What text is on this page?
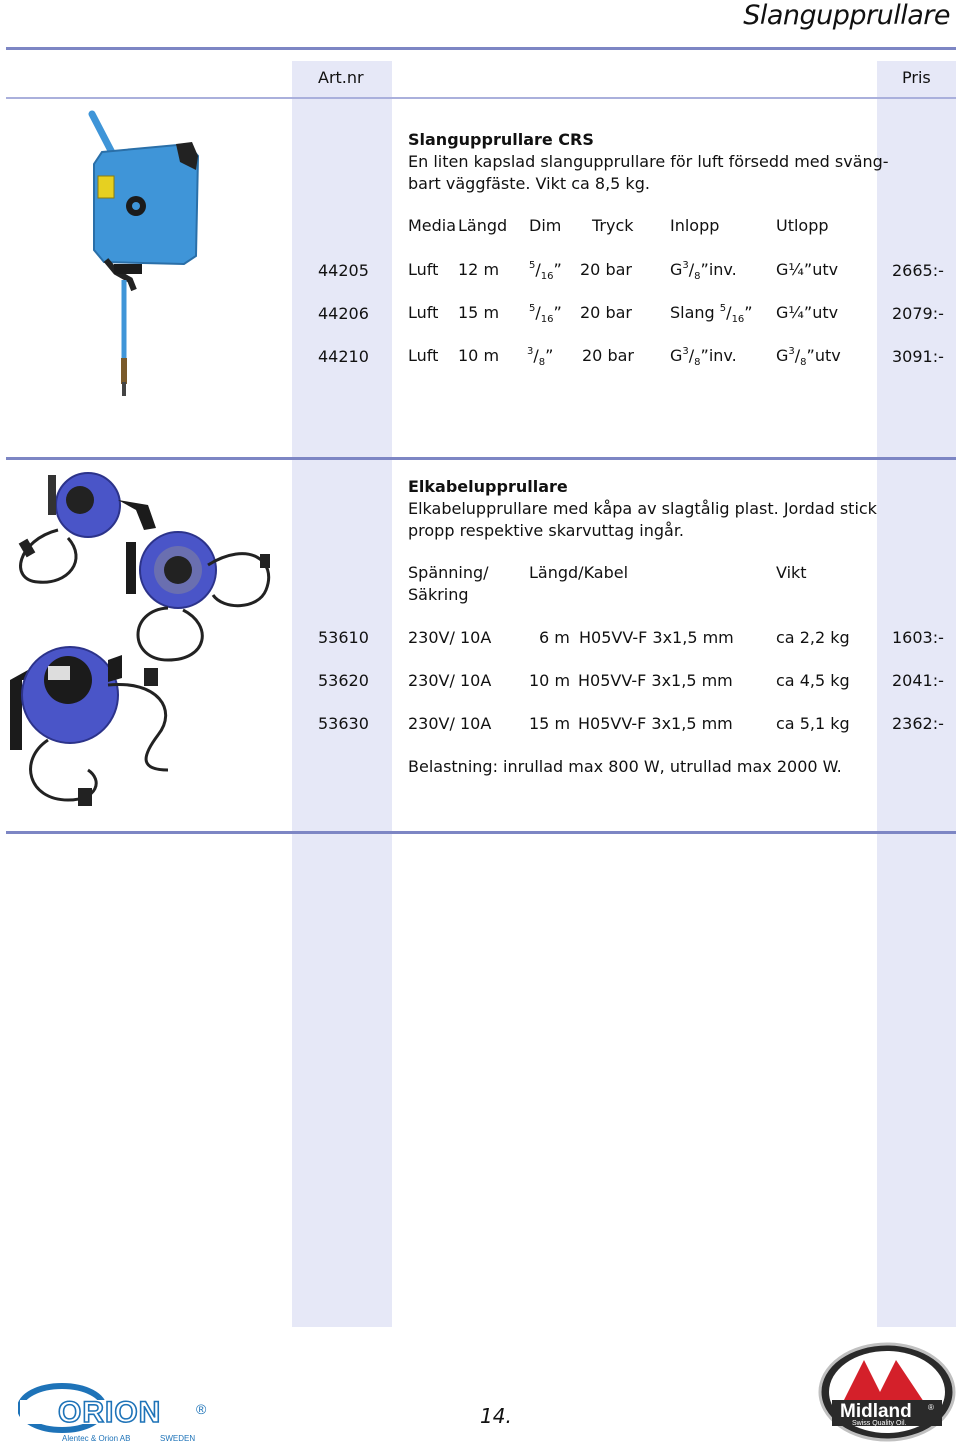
Slangupprullare
Art.nr	Pris
Slangupprullare CRS
En liten kapslad slangupprullare för luft försedd med sväng-
bart väggfäste. Vikt ca 8,5 kg.
Media Längd Dim Tryck Inlopp	Utlopp
44205 Luft 12 m	$^5/_{16}$” 20 bar $G^3/_8”inv$. G¼”utv	2665:-
44206 Luft 15 m	$^5/_{16}$” 20 bar Slang $^5/_{16}$” G¼”utv	2079:-
44210 Luft 10 m	$^3/_8$” 20 bar $G^3/_8”inv$. $G^3/_8”utv$	3091:-
Elkabelupprullare
Elkabelupprullare med kåpa av slagtålig plast. Jordad stick
propp respektive skarvuttag ingår.
Spänning/
Säkring
Längd/Kabel	Vikt
53610 230V/ 10A	6 m H05VV-F 3x1,5 mm	ca 2,2 kg	1603:-
53620 230V/ 10A 10 m H05VV-F 3x1,5 mm	ca 4,5 kg	2041:-
53630 230V/ 10A 15 m H05VV-F 3x1,5 mm	ca 5,1 kg	2362:-
Belastning: inrullad max 800 W, utrullad max 2000 W.
ORION ®
Alentec & Orion AB	SWEDEN
14.	Midland ®
Swiss Quality Oil.
